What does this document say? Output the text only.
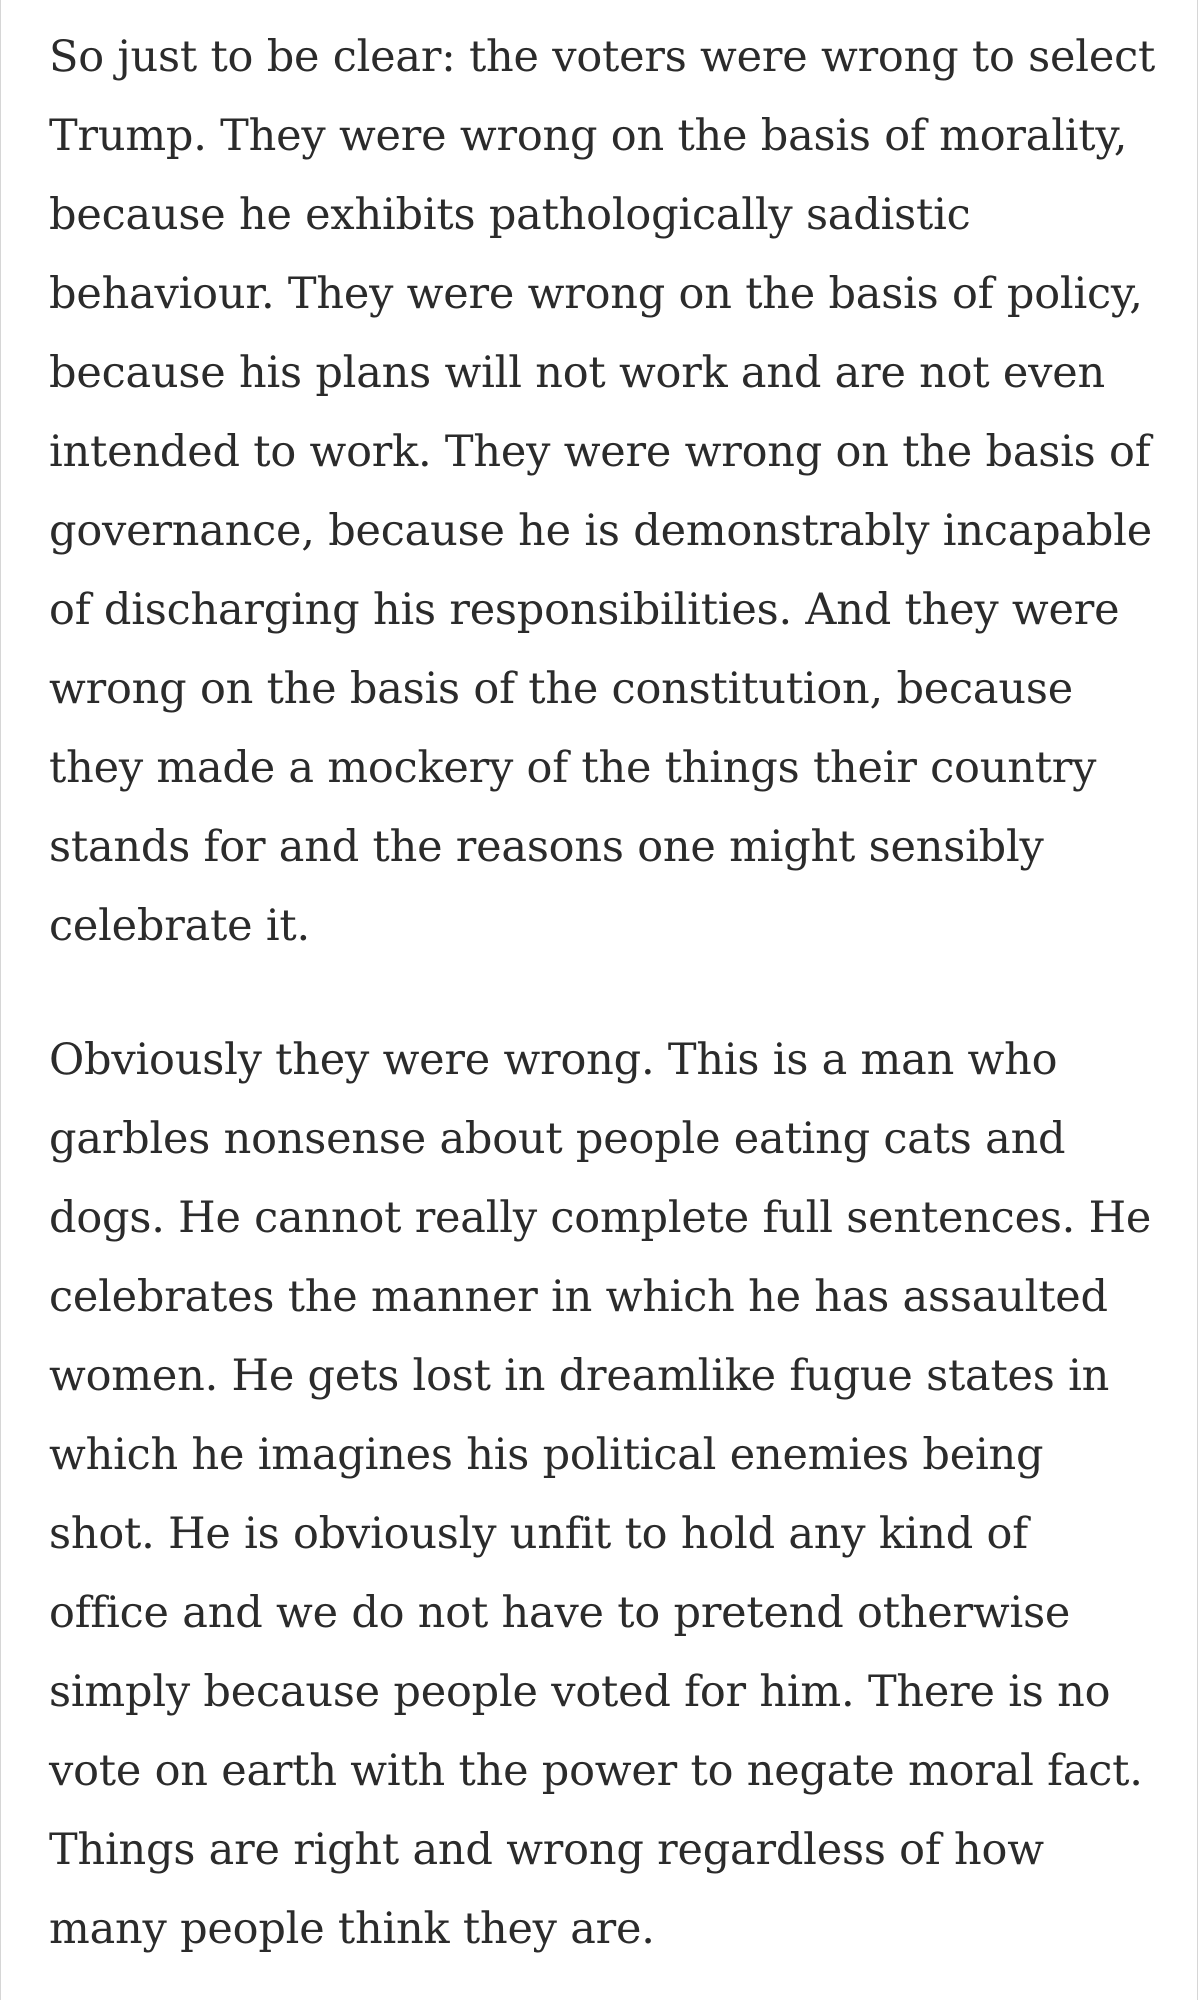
So just to be clear: the voters were wrong to select
Trump. They were wrong on the basis of morality,
because he exhibits pathologically sadistic
behaviour. They were wrong on the basis of policy,
because his plans will not work and are not even
intended to work. They were wrong on the basis of
governance, because he is demonstrably incapable
of discharging his responsibilities. And they were
wrong on the basis of the constitution, because
they made a mockery of the things their country
stands for and the reasons one might sensibly
celebrate it.

Obviously they were wrong. This is a man who
garbles nonsense about people eating cats and
dogs. He cannot really complete full sentences. He
celebrates the manner in which he has assaulted
women. He gets lost in dreamlike fugue states in
which he imagines his political enemies being
shot. He is obviously unfit to hold any kind of
office and we do not have to pretend otherwise
simply because people voted for him. There is no
vote on earth with the power to negate moral fact.
Things are right and wrong regardless of how
many people think they are.
